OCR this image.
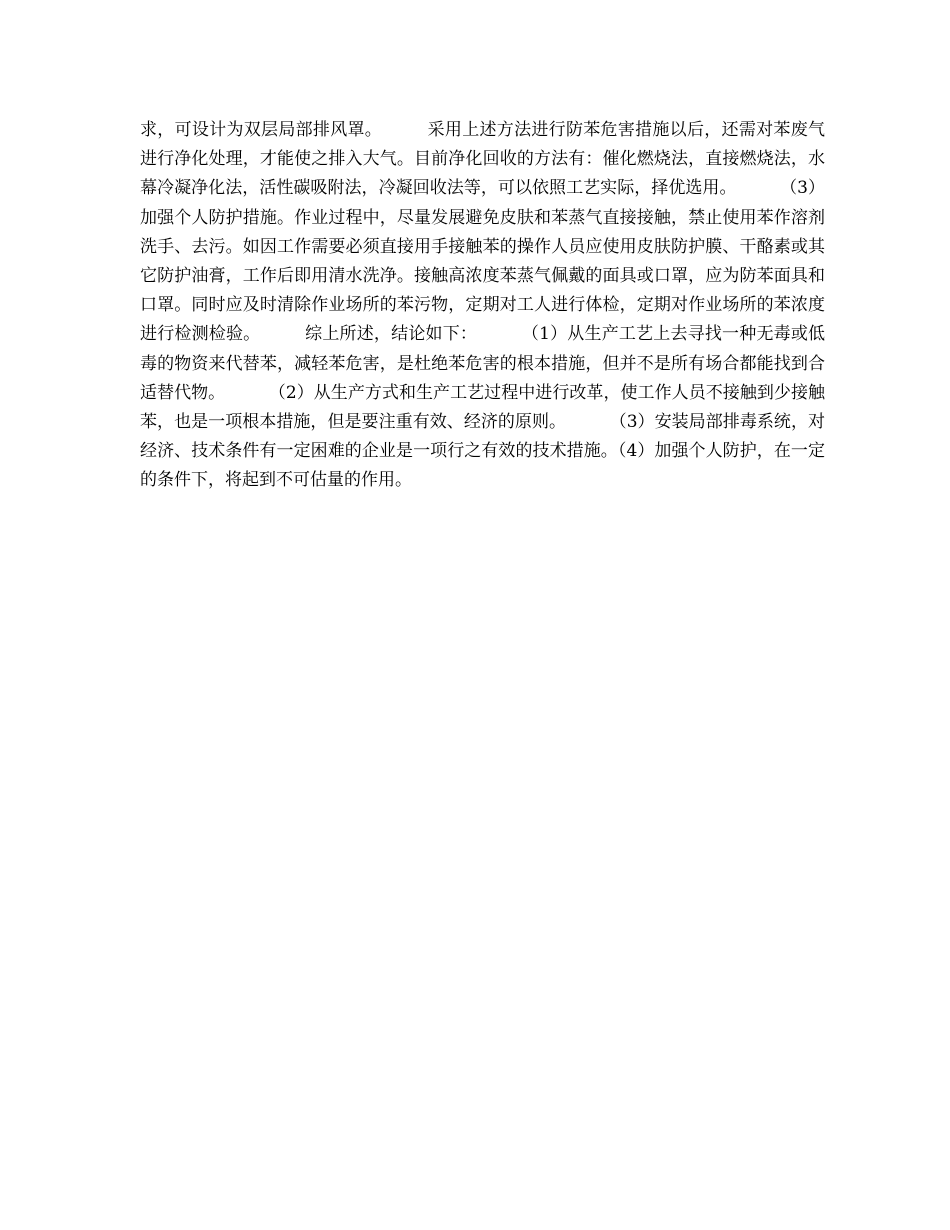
求，可设计为双层局部排风罩。	采用上述方法进行防苯危害措施以后，还需对苯废气进行净化处理，才能使之排入大气。目前净化回收的方法有：催化燃烧法，直接燃烧法，水幕冷凝净化法，活性碳吸附法，冷凝回收法等，可以依照工艺实际，择优选用。	（3）加强个人防护措施。作业过程中，尽量发展避免皮肤和苯蒸气直接接触，禁止使用苯作溶剂洗手、去污。如因工作需要必须直接用手接触苯的操作人员应使用皮肤防护膜、干酪素或其它防护油膏，工作后即用清水洗净。接触高浓度苯蒸气佩戴的面具或口罩，应为防苯面具和口罩。同时应及时清除作业场所的苯污物，定期对工人进行体检，定期对作业场所的苯浓度进行检测检验。	综上所述，结论如下：	（1）从生产工艺上去寻找一种无毒或低毒的物资来代替苯，减轻苯危害，是杜绝苯危害的根本措施，但并不是所有场合都能找到合适替代物。	（2）从生产方式和生产工艺过程中进行改革，使工作人员不接触到少接触苯，也是一项根本措施，但是要注重有效、经济的原则。	（3）安装局部排毒系统，对经济、技术条件有一定困难的企业是一项行之有效的技术措施。（4）加强个人防护，在一定的条件下，将起到不可估量的作用。
